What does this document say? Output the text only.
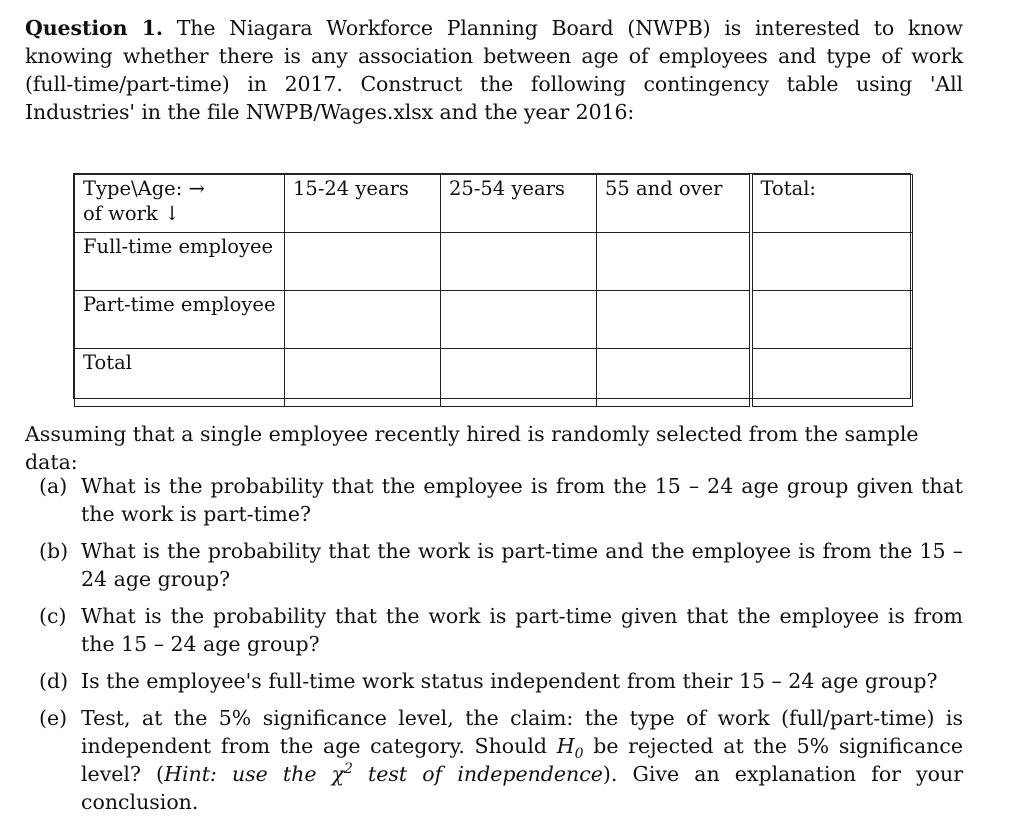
Question 1. The Niagara Workforce Planning Board (NWPB) is interested to know knowing whether there is any association between age of employees and type of work (full-time/part-time) in 2017. Construct the following contingency table using 'All Industries' in the file NWPB/Wages.xlsx and the year 2016:

Type\Age: →
of work ↓	15-24 years	25-54 years	55 and over	Total:
Full-time employee				
Part-time employee				
Total				

Assuming that a single employee recently hired is randomly selected from the sample data:

(a) What is the probability that the employee is from the 15 – 24 age group given that the work is part-time?
(b) What is the probability that the work is part-time and the employee is from the 15 – 24 age group?
(c) What is the probability that the work is part-time given that the employee is from the 15 – 24 age group?
(d) Is the employee's full-time work status independent from their 15 – 24 age group?
(e) Test, at the 5% significance level, the claim: the type of work (full/part-time) is independent from the age category. Should $H_0$ be rejected at the 5% significance level? (Hint: use the $\chi^2$ test of independence). Give an explanation for your conclusion.
